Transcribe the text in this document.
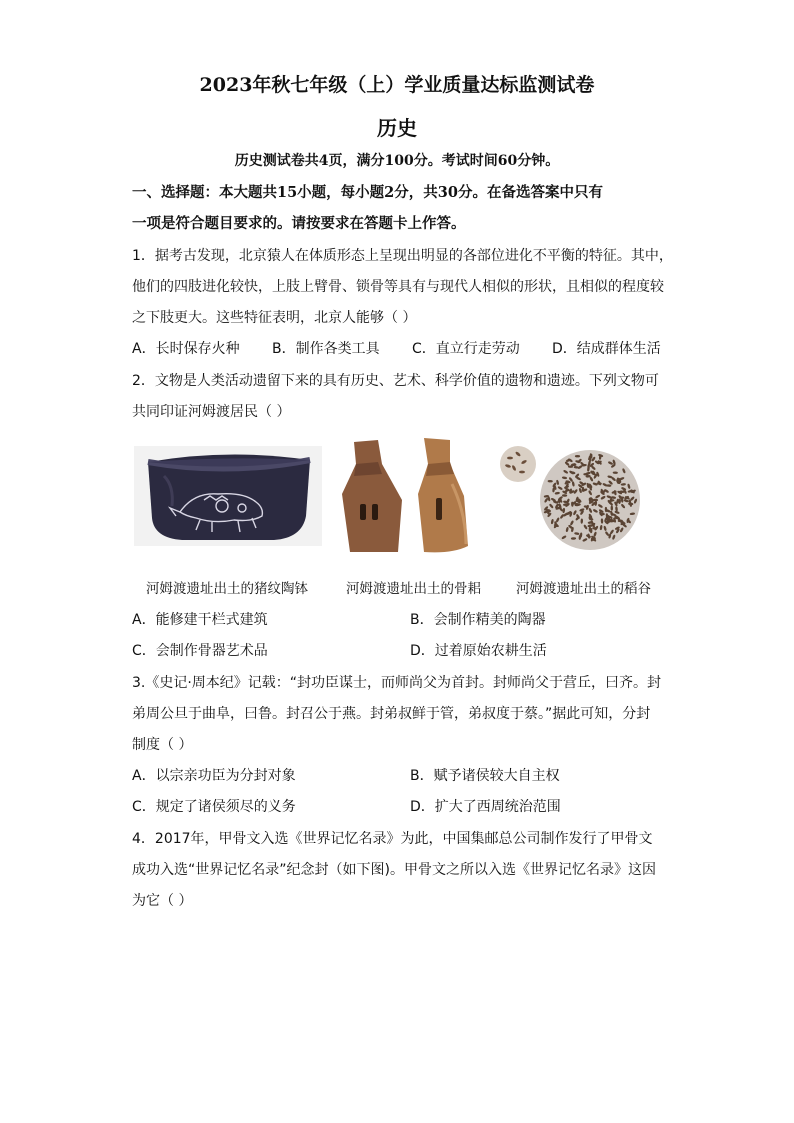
2023年秋七年级（上）学业质量达标监测试卷
历史
历史测试卷共4页，满分100分。考试时间60分钟。
一、选择题：本大题共15小题，每小题2分，共30分。在备选答案中只有
一项是符合题目要求的。请按要求在答题卡上作答。
1．据考古发现，北京猿人在体质形态上呈现出明显的各部位进化不平衡的特征。其中，
他们的四肢进化较快，上肢上臂骨、锁骨等具有与现代人相似的形状，且相似的程度较
之下肢更大。这些特征表明，北京人能够（ ）
A．长时保存火种 B．制作各类工具 C．直立行走劳动 D．结成群体生活
2．文物是人类活动遗留下来的具有历史、艺术、科学价值的遗物和遗迹。下列文物可
共同印证河姆渡居民（ ）
河姆渡遗址出土的猪纹陶钵	河姆渡遗址出土的骨耜	河姆渡遗址出土的稻谷
A．能修建干栏式建筑	B．会制作精美的陶器
C．会制作骨器艺术品	D．过着原始农耕生活
3.《史记·周本纪》记载：“封功臣谋士，而师尚父为首封。封师尚父于营丘，曰齐。封
弟周公旦于曲阜，曰鲁。封召公于燕。封弟叔鲜于管，弟叔度于蔡。”据此可知，分封
制度（ ）
A．以宗亲功臣为分封对象	B．赋予诸侯较大自主权
C．规定了诸侯须尽的义务	D．扩大了西周统治范围
4．2017年，甲骨文入选《世界记忆名录》为此，中国集邮总公司制作发行了甲骨文
成功入选“世界记忆名录”纪念封（如下图)。甲骨文之所以入选《世界记忆名录》这因
为它（ ）
